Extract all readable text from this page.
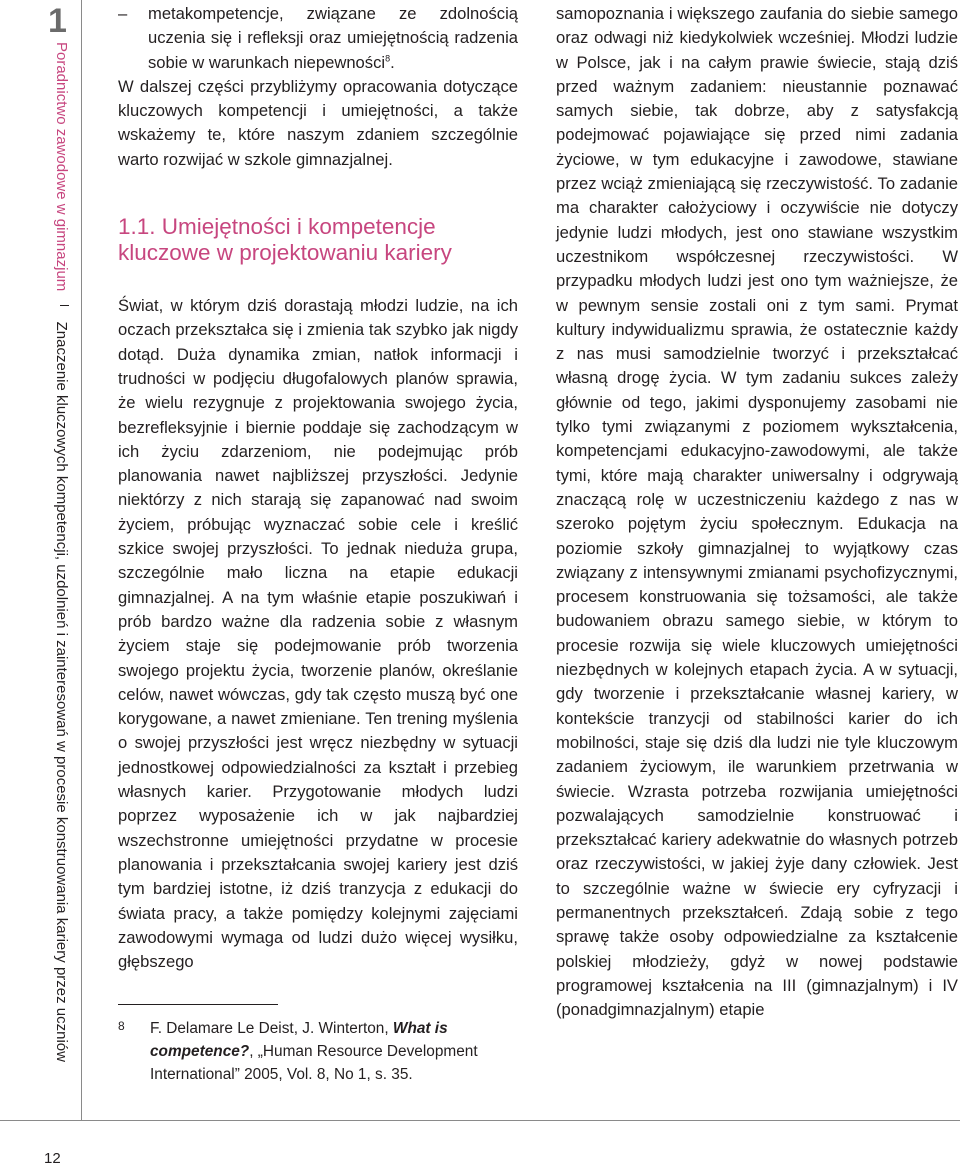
1
Poradnictwo zawodowe w gimnazjum  Znaczenie kluczowych kompetencji, uzdolnień i zainteresowań w procesie konstruowania kariery przez uczniów
12

–	metakompetencje, związane ze zdolnością uczenia się i refleksji oraz umiejętnością radzenia sobie w warunkach niepewności$^8$.

W dalszej części przybliżymy opracowania dotyczące kluczowych kompetencji i umiejętności, a także wskażemy te, które naszym zdaniem szczególnie warto rozwijać w szkole gimnazjalnej.

1.1. Umiejętności i kompetencje kluczowe w projektowaniu kariery

Świat, w którym dziś dorastają młodzi ludzie, na ich oczach przekształca się i zmienia tak szybko jak nigdy dotąd. Duża dynamika zmian, natłok informacji i trudności w podjęciu długofalowych planów sprawia, że wielu rezygnuje z projektowania swojego życia, bezrefleksyjnie i biernie poddaje się zachodzącym w ich życiu zdarzeniom, nie podejmując prób planowania nawet najbliższej przyszłości. Jedynie niektórzy z nich starają się zapanować nad swoim życiem, próbując wyznaczać sobie cele i kreślić szkice swojej przyszłości. To jednak nieduża grupa, szczególnie mało liczna na etapie edukacji gimnazjalnej. A na tym właśnie etapie poszukiwań i prób bardzo ważne dla radzenia sobie z własnym życiem staje się podejmowanie prób tworzenia swojego projektu życia, tworzenie planów, określanie celów, nawet wówczas, gdy tak często muszą być one korygowane, a nawet zmieniane. Ten trening myślenia o swojej przyszłości jest wręcz niezbędny w sytuacji jednostkowej odpowiedzialności za kształt i przebieg własnych karier. Przygotowanie młodych ludzi poprzez wyposażenie ich w jak najbardziej wszechstronne umiejętności przydatne w procesie planowania i przekształcania swojej kariery jest dziś tym bardziej istotne, iż dziś tranzycja z edukacji do świata pracy, a także pomiędzy kolejnymi zajęciami zawodowymi wymaga od ludzi dużo więcej wysiłku, głębszego

8 F. Delamare Le Deist, J. Winterton, What is competence?, „Human Resource Development International” 2005, Vol. 8, No 1, s. 35.

samopoznania i większego zaufania do siebie samego oraz odwagi niż kiedykolwiek wcześniej. Młodzi ludzie w Polsce, jak i na całym prawie świecie, stają dziś przed ważnym zadaniem: nieustannie poznawać samych siebie, tak dobrze, aby z satysfakcją podejmować pojawiające się przed nimi zadania życiowe, w tym edukacyjne i zawodowe, stawiane przez wciąż zmieniającą się rzeczywistość. To zadanie ma charakter całożyciowy i oczywiście nie dotyczy jedynie ludzi młodych, jest ono stawiane wszystkim uczestnikom współczesnej rzeczywistości. W przypadku młodych ludzi jest ono tym ważniejsze, że w pewnym sensie zostali oni z tym sami. Prymat kultury indywidualizmu sprawia, że ostatecznie każdy z nas musi samodzielnie tworzyć i przekształcać własną drogę życia. W tym zadaniu sukces zależy głównie od tego, jakimi dysponujemy zasobami nie tylko tymi związanymi z poziomem wykształcenia, kompetencjami edukacyjno-zawodowymi, ale także tymi, które mają charakter uniwersalny i odgrywają znaczącą rolę w uczestniczeniu każdego z nas w szeroko pojętym życiu społecznym. Edukacja na poziomie szkoły gimnazjalnej to wyjątkowy czas związany z intensywnymi zmianami psychofizycznymi, procesem konstruowania się tożsamości, ale także budowaniem obrazu samego siebie, w którym to procesie rozwija się wiele kluczowych umiejętności niezbędnych w kolejnych etapach życia. A w sytuacji, gdy tworzenie i przekształcanie własnej kariery, w kontekście tranzycji od stabilności karier do ich mobilności, staje się dziś dla ludzi nie tyle kluczowym zadaniem życiowym, ile warunkiem przetrwania w świecie. Wzrasta potrzeba rozwijania umiejętności pozwalających samodzielnie konstruować i przekształcać kariery adekwatnie do własnych potrzeb oraz rzeczywistości, w jakiej żyje dany człowiek. Jest to szczególnie ważne w świecie ery cyfryzacji i permanentnych przekształceń. Zdają sobie z tego sprawę także osoby odpowiedzialne za kształcenie polskiej młodzieży, gdyż w nowej podstawie programowej kształcenia na III (gimnazjalnym) i IV (ponadgimnazjalnym) etapie
